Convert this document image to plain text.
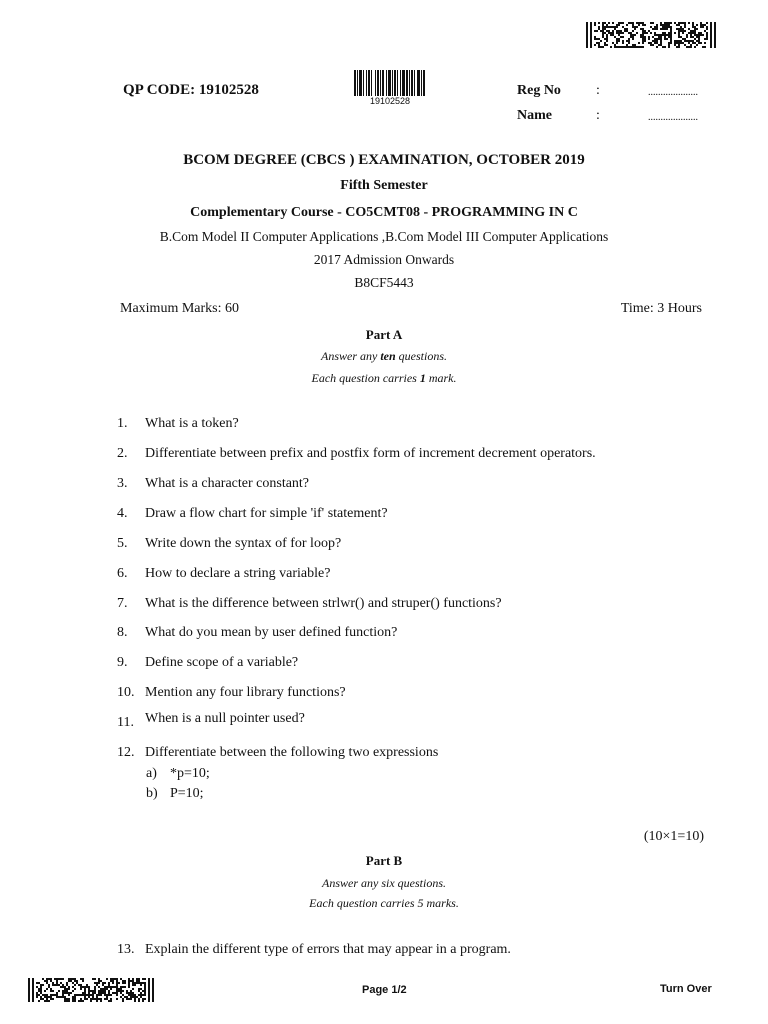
QP CODE: 19102528
19102528
Reg No	:	....................
Name	:	....................
BCOM DEGREE (CBCS ) EXAMINATION, OCTOBER 2019
Fifth Semester
Complementary Course - CO5CMT08 - PROGRAMMING IN C
B.Com Model II Computer Applications ,B.Com Model III Computer Applications
2017 Admission Onwards
B8CF5443
Maximum Marks: 60	Time: 3 Hours
Part A
Answer any ten questions.
Each question carries 1 mark.
1. What is a token?
2. Differentiate between prefix and postfix form of increment decrement operators.
3. What is a character constant?
4. Draw a flow chart for simple 'if' statement?
5. Write down the syntax of for loop?
6. How to declare a string variable?
7. What is the difference between strlwr() and struper() functions?
8. What do you mean by user defined function?
9. Define scope of a variable?
10. Mention any four library functions?
11. When is a null pointer used?
12. Differentiate between the following two expressions
a) *p=10;
b) P=10;
(10×1=10)
Part B
Answer any six questions.
Each question carries 5 marks.
13. Explain the different type of errors that may appear in a program.
Page 1/2	Turn Over
